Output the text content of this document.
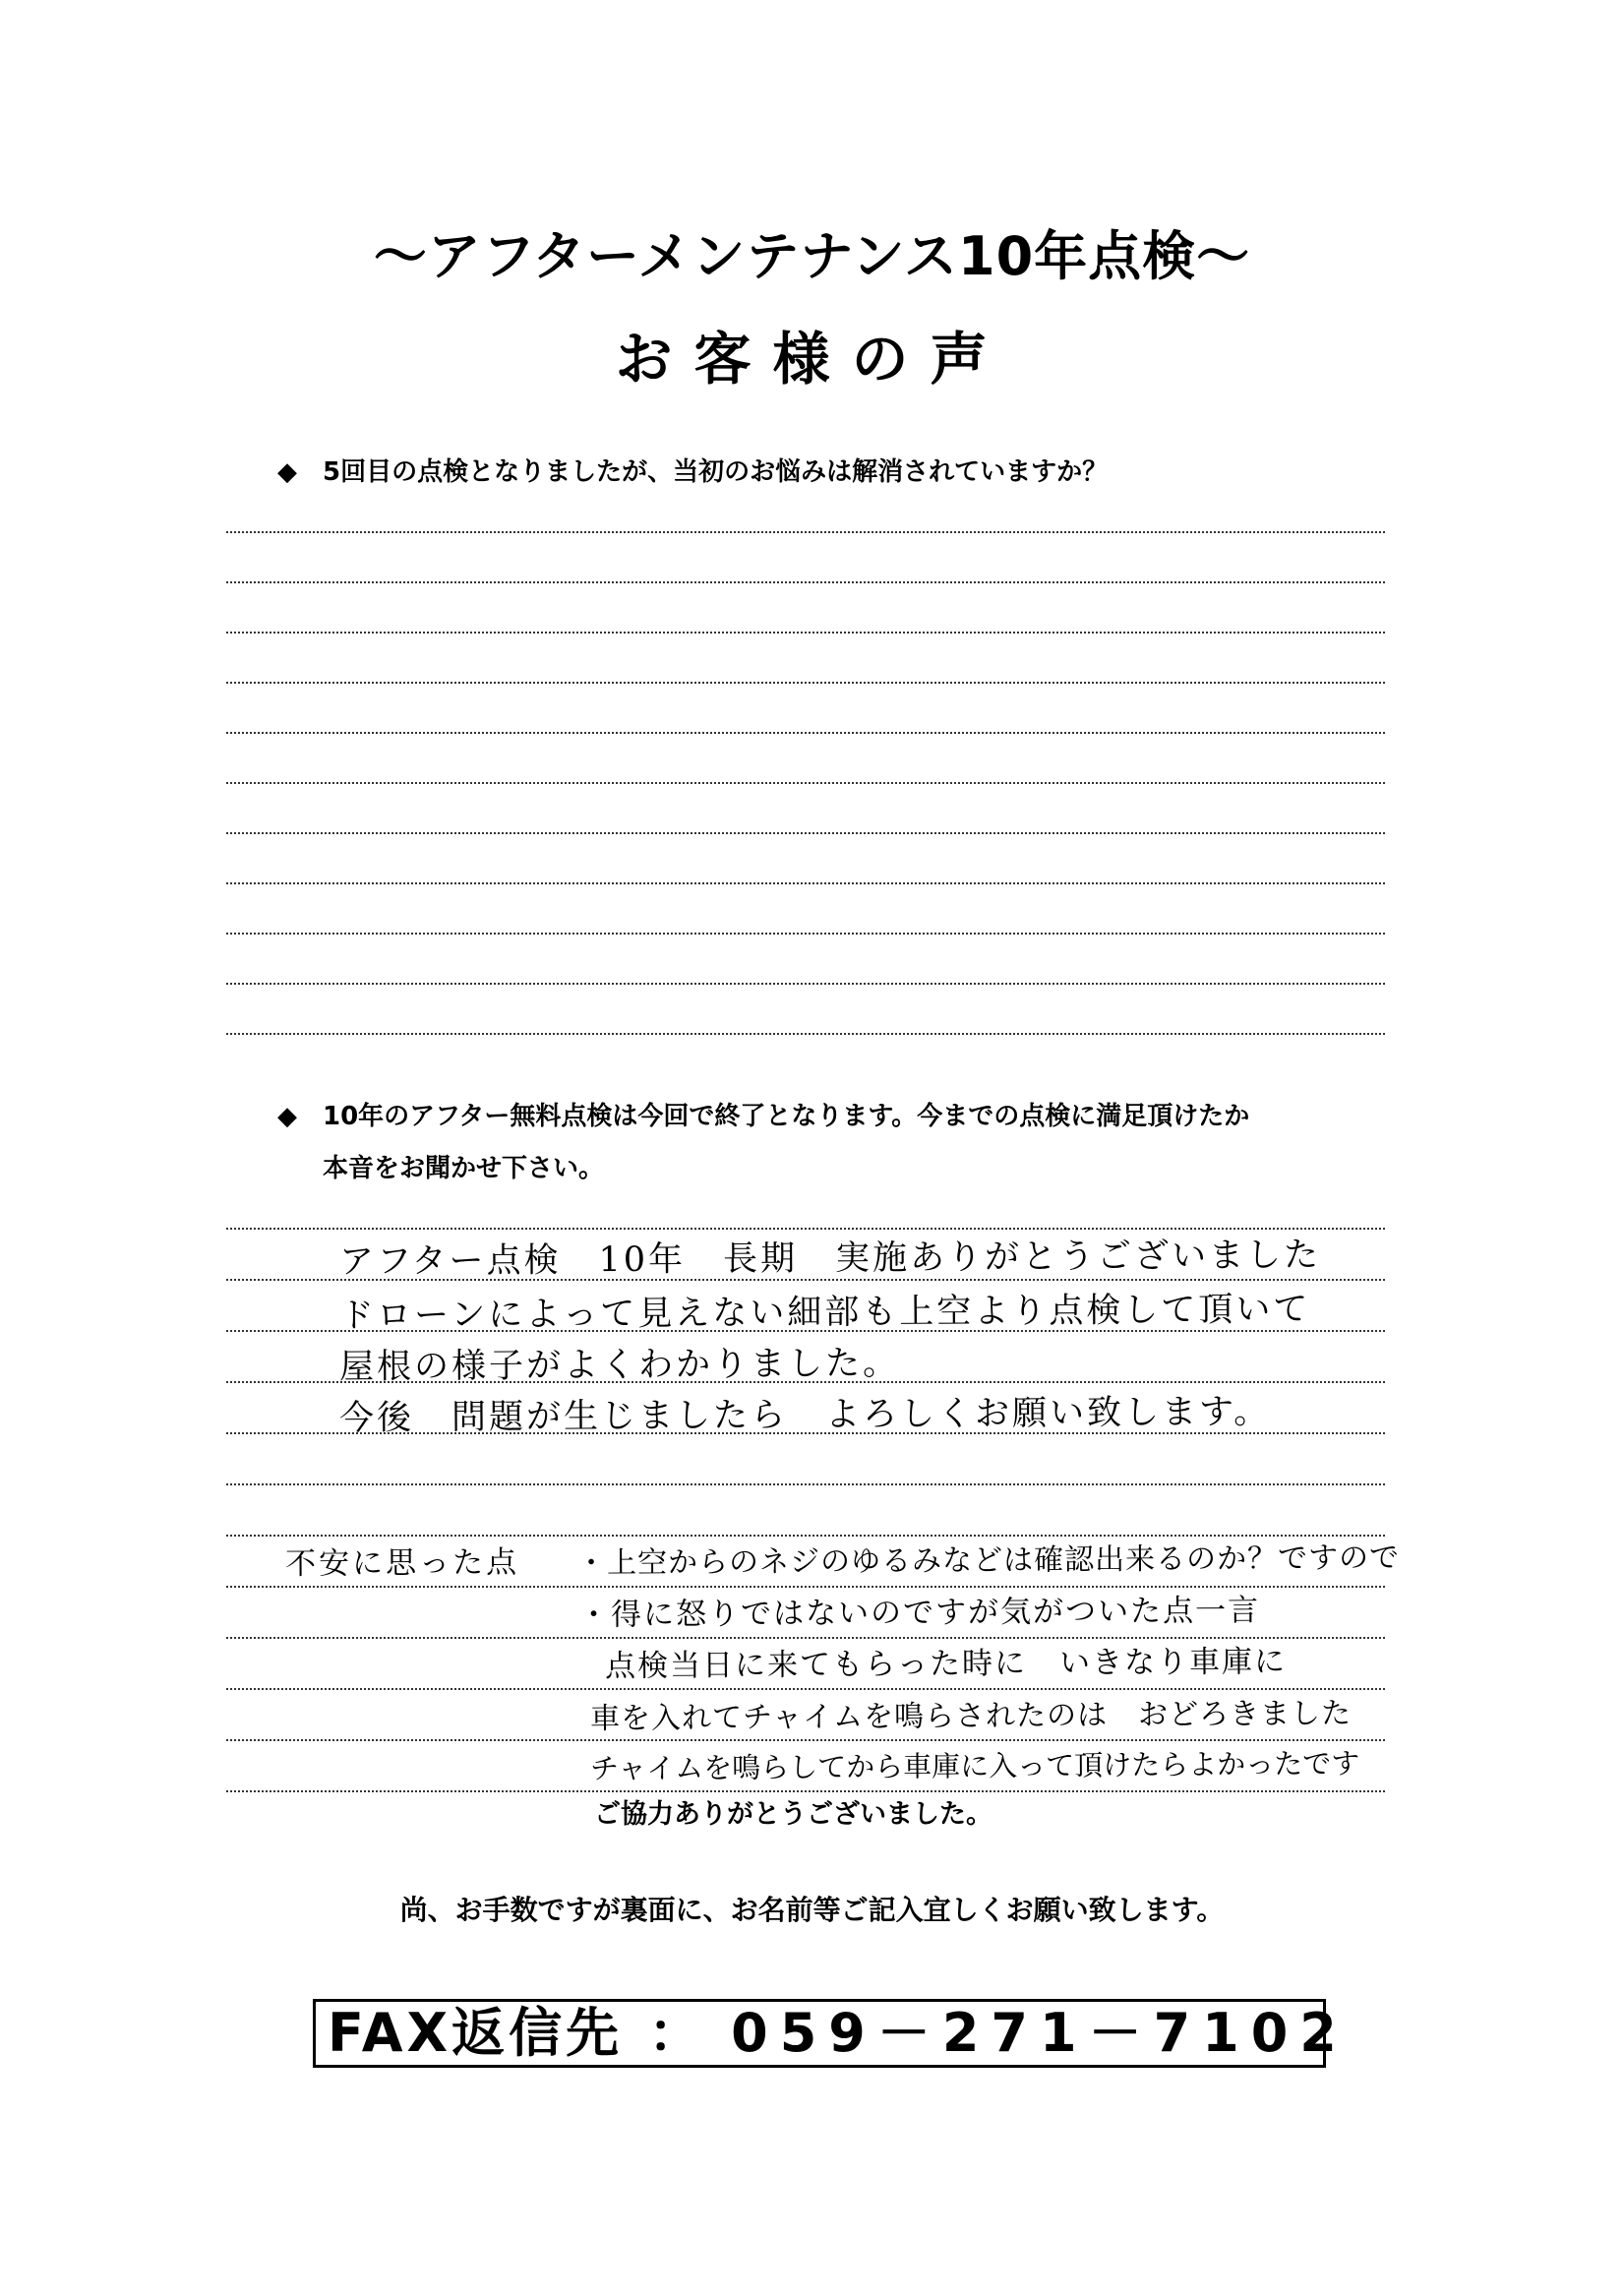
～アフターメンテナンス10年点検～
お客様の声
◆ 5回目の点検となりましたが、当初のお悩みは解消されていますか？
◆ 10年のアフター無料点検は今回で終了となります。今までの点検に満足頂けたか
本音をお聞かせ下さい。
アフター点検　10年　長期　実施ありがとうございました
ドローンによって見えない細部も上空より点検して頂いて
屋根の様子がよくわかりました。
今後　問題が生じましたら　よろしくお願い致します。
不安に思った点 ・上空からのネジのゆるみなどは確認出来るのか？ですので
・得に怒りではないのですが気がついた点一言
点検当日に来てもらった時に　いきなり車庫に
車を入れてチャイムを鳴らされたのは　おどろきました
チャイムを鳴らしてから車庫に入って頂けたらよかったです
ご協力ありがとうございました。
尚、お手数ですが裏面に、お名前等ご記入宜しくお願い致します。
FAX返信先 ： 059－271－7102
